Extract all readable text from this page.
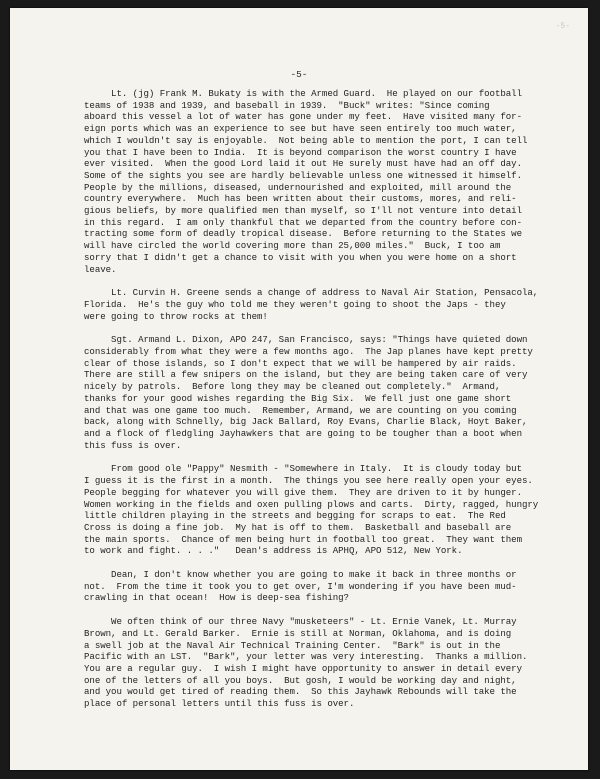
-5-
-5-
Lt. (jg) Frank M. Bukaty is with the Armed Guard.  He played on our football
teams of 1938 and 1939, and baseball in 1939.  "Buck" writes: "Since coming
aboard this vessel a lot of water has gone under my feet.  Have visited many for-
eign ports which was an experience to see but have seen entirely too much water,
which I wouldn't say is enjoyable.  Not being able to mention the port, I can tell
you that I have been to India.  It is beyond comparison the worst country I have
ever visited.  When the good Lord laid it out He surely must have had an off day.
Some of the sights you see are hardly believable unless one witnessed it himself.
People by the millions, diseased, undernourished and exploited, mill around the
country everywhere.  Much has been written about their customs, mores, and reli-
gious beliefs, by more qualified men than myself, so I'll not venture into detail
in this regard.  I am only thankful that we departed from the country before con-
tracting some form of deadly tropical disease.  Before returning to the States we
will have circled the world covering more than 25,000 miles."  Buck, I too am
sorry that I didn't get a chance to visit with you when you were home on a short
leave.
Lt. Curvin H. Greene sends a change of address to Naval Air Station, Pensacola,
Florida.  He's the guy who told me they weren't going to shoot the Japs - they
were going to throw rocks at them!
Sgt. Armand L. Dixon, APO 247, San Francisco, says: "Things have quieted down
considerably from what they were a few months ago.  The Jap planes have kept pretty
clear of those islands, so I don't expect that we will be hampered by air raids.
There are still a few snipers on the island, but they are being taken care of very
nicely by patrols.  Before long they may be cleaned out completely."  Armand,
thanks for your good wishes regarding the Big Six.  We fell just one game short
and that was one game too much.  Remember, Armand, we are counting on you coming
back, along with Schnelly, big Jack Ballard, Roy Evans, Charlie Black, Hoyt Baker,
and a flock of fledgling Jayhawkers that are going to be tougher than a boot when
this fuss is over.
From good ole "Pappy" Nesmith - "Somewhere in Italy.  It is cloudy today but
I guess it is the first in a month.  The things you see here really open your eyes.
People begging for whatever you will give them.  They are driven to it by hunger.
Women working in the fields and oxen pulling plows and carts.  Dirty, ragged, hungry
little children playing in the streets and begging for scraps to eat.  The Red
Cross is doing a fine job.  My hat is off to them.  Basketball and baseball are
the main sports.  Chance of men being hurt in football too great.  They want them
to work and fight. . . ."   Dean's address is APHQ, APO 512, New York.
Dean, I don't know whether you are going to make it back in three months or
not.  From the time it took you to get over, I'm wondering if you have been mud-
crawling in that ocean!  How is deep-sea fishing?
We often think of our three Navy "musketeers" - Lt. Ernie Vanek, Lt. Murray
Brown, and Lt. Gerald Barker.  Ernie is still at Norman, Oklahoma, and is doing
a swell job at the Naval Air Technical Training Center.  "Bark" is out in the
Pacific with an LST.  "Bark", your letter was very interesting.  Thanks a million.
You are a regular guy.  I wish I might have opportunity to answer in detail every
one of the letters of all you boys.  But gosh, I would be working day and night,
and you would get tired of reading them.  So this Jayhawk Rebounds will take the
place of personal letters until this fuss is over.
